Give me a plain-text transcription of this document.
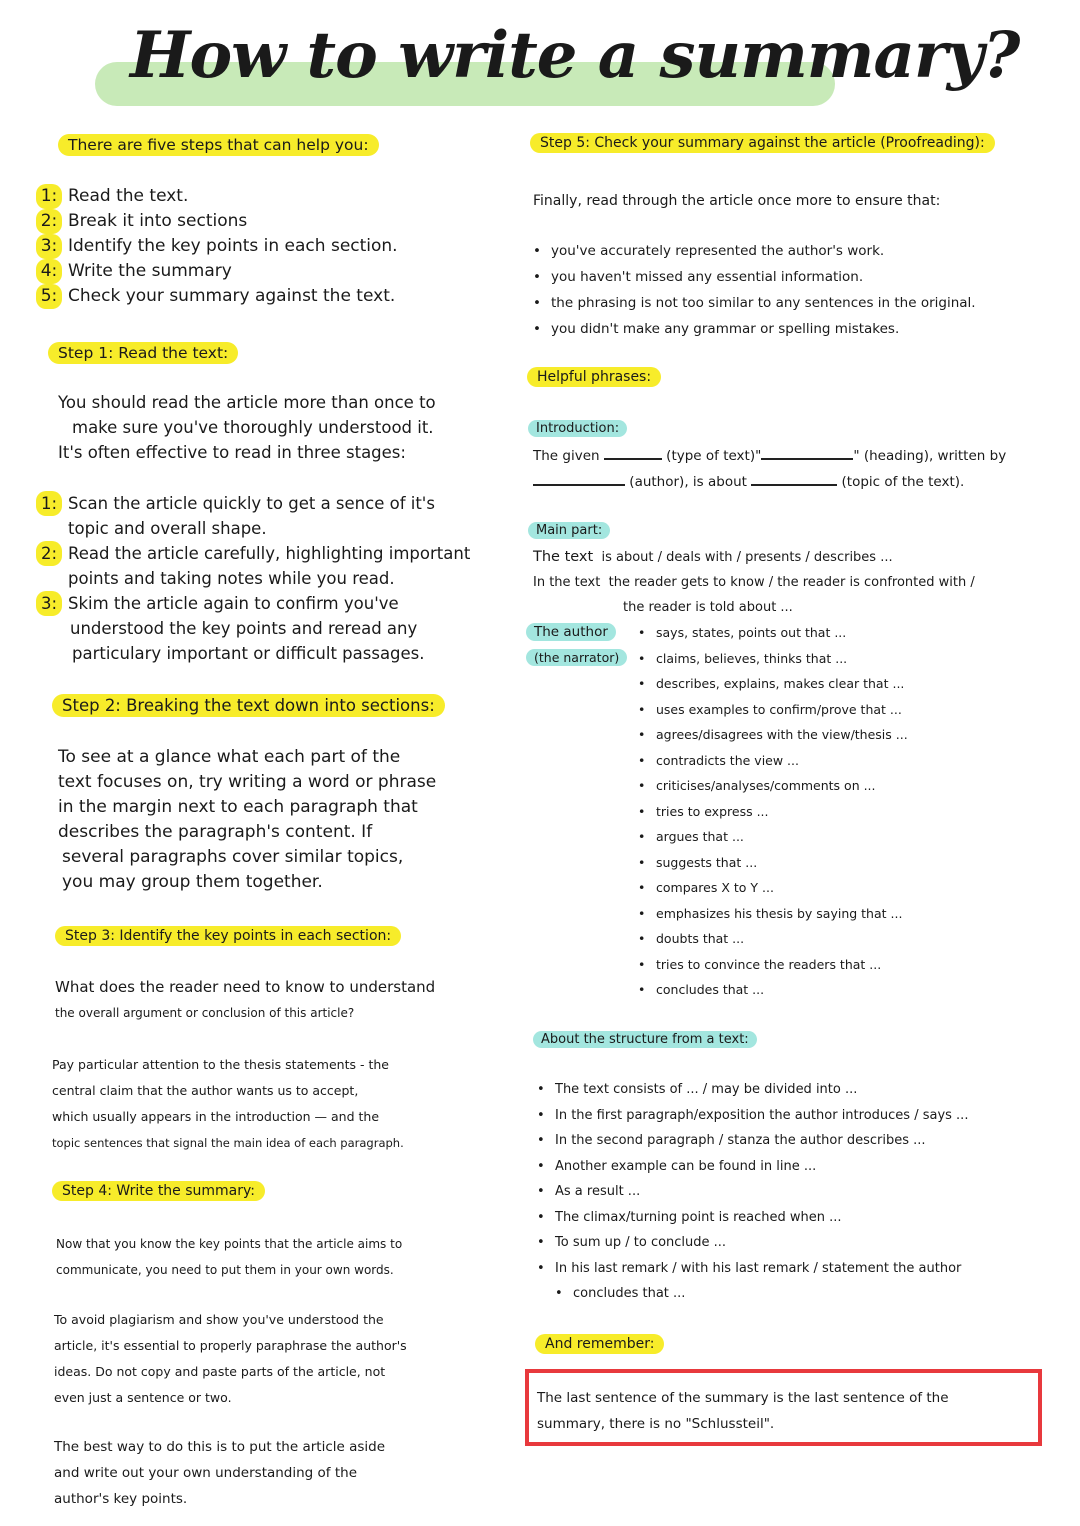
How to write a summary?
There are five steps that can help you:
1: Read the text.
2: Break it into sections
3: Identify the key points in each section.
4: Write the summary
5: Check your summary against the text.
Step 1: Read the text:
You should read the article more than once to
make sure you've thoroughly understood it.
It's often effective to read in three stages:
1: Scan the article quickly to get a sence of it's
topic and overall shape.
2: Read the article carefully, highlighting important
points and taking notes while you read.
3: Skim the article again to confirm you've
understood the key points and reread any
particulary important or difficult passages.
Step 2: Breaking the text down into sections:
To see at a glance what each part of the
text focuses on, try writing a word or phrase
in the margin next to each paragraph that
describes the paragraph's content. If
several paragraphs cover similar topics,
you may group them together.
Step 3: Identify the key points in each section:
What does the reader need to know to understand
the overall argument or conclusion of this article?
Pay particular attention to the thesis statements - the
central claim that the author wants us to accept,
which usually appears in the introduction — and the
topic sentences that signal the main idea of each paragraph.
Step 4: Write the summary:
Now that you know the key points that the article aims to
communicate, you need to put them in your own words.
To avoid plagiarism and show you've understood the
article, it's essential to properly paraphrase the author's
ideas. Do not copy and paste parts of the article, not
even just a sentence or two.
The best way to do this is to put the article aside
and write out your own understanding of the
author's key points.
Step 5: Check your summary against the article (Proofreading):
Finally, read through the article once more to ensure that:
• you've accurately represented the author's work.
• you haven't missed any essential information.
• the phrasing is not too similar to any sentences in the original.
• you didn't make any grammar or spelling mistakes.
Helpful phrases:
Introduction:
The given	(type of text)"	" (heading), written by
(author), is about	(topic of the text).
Main part:
The text is about / deals with / presents / describes ...
In the text the reader gets to know / the reader is confronted with /
the reader is told about ...
The author
(the narrator)
• says, states, points out that ...
• claims, believes, thinks that ...
• describes, explains, makes clear that ...
• uses examples to confirm/prove that ...
• agrees/disagrees with the view/thesis ...
• contradicts the view ...
• criticises/analyses/comments on ...
• tries to express ...
• argues that ...
• suggests that ...
• compares X to Y ...
• emphasizes his thesis by saying that ...
• doubts that ...
• tries to convince the readers that ...
• concludes that ...
About the structure from a text:
• The text consists of ... / may be divided into ...
• In the first paragraph/exposition the author introduces / says ...
• In the second paragraph / stanza the author describes ...
• Another example can be found in line ...
• As a result ...
• The climax/turning point is reached when ...
• To sum up / to conclude ...
• In his last remark / with his last remark / statement the author
• concludes that ...
And remember:
The last sentence of the summary is the last sentence of the
summary, there is no "Schlussteil".
